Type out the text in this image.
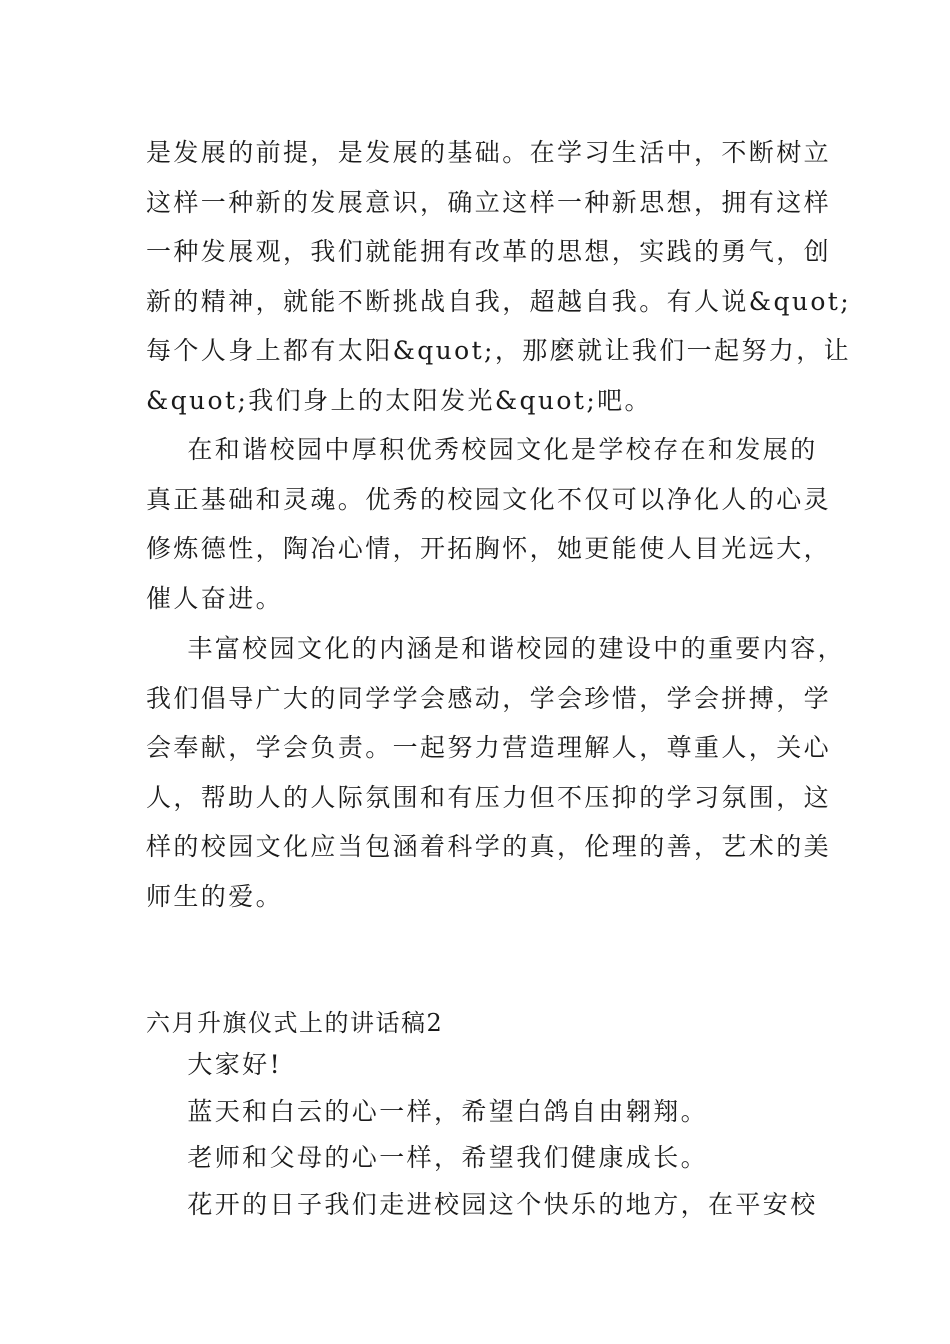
是发展的前提，是发展的基础。在学习生活中，不断树立
这样一种新的发展意识，确立这样一种新思想，拥有这样
一种发展观，我们就能拥有改革的思想，实践的勇气，创
新的精神，就能不断挑战自我，超越自我。有人说&quot;
每个人身上都有太阳&quot;，那麽就让我们一起努力，让
&quot;我们身上的太阳发光&quot;吧。
在和谐校园中厚积优秀校园文化是学校存在和发展的
真正基础和灵魂。优秀的校园文化不仅可以净化人的心灵
修炼德性，陶冶心情，开拓胸怀，她更能使人目光远大，
催人奋进。
丰富校园文化的内涵是和谐校园的建设中的重要内容，
我们倡导广大的同学学会感动，学会珍惜，学会拼搏，学
会奉献，学会负责。一起努力营造理解人，尊重人，关心
人，帮助人的人际氛围和有压力但不压抑的学习氛围，这
样的校园文化应当包涵着科学的真，伦理的善，艺术的美
师生的爱。
六月升旗仪式上的讲话稿2
大家好!
蓝天和白云的心一样，希望白鸽自由翱翔。
老师和父母的心一样，希望我们健康成长。
花开的日子我们走进校园这个快乐的地方，在平安校
